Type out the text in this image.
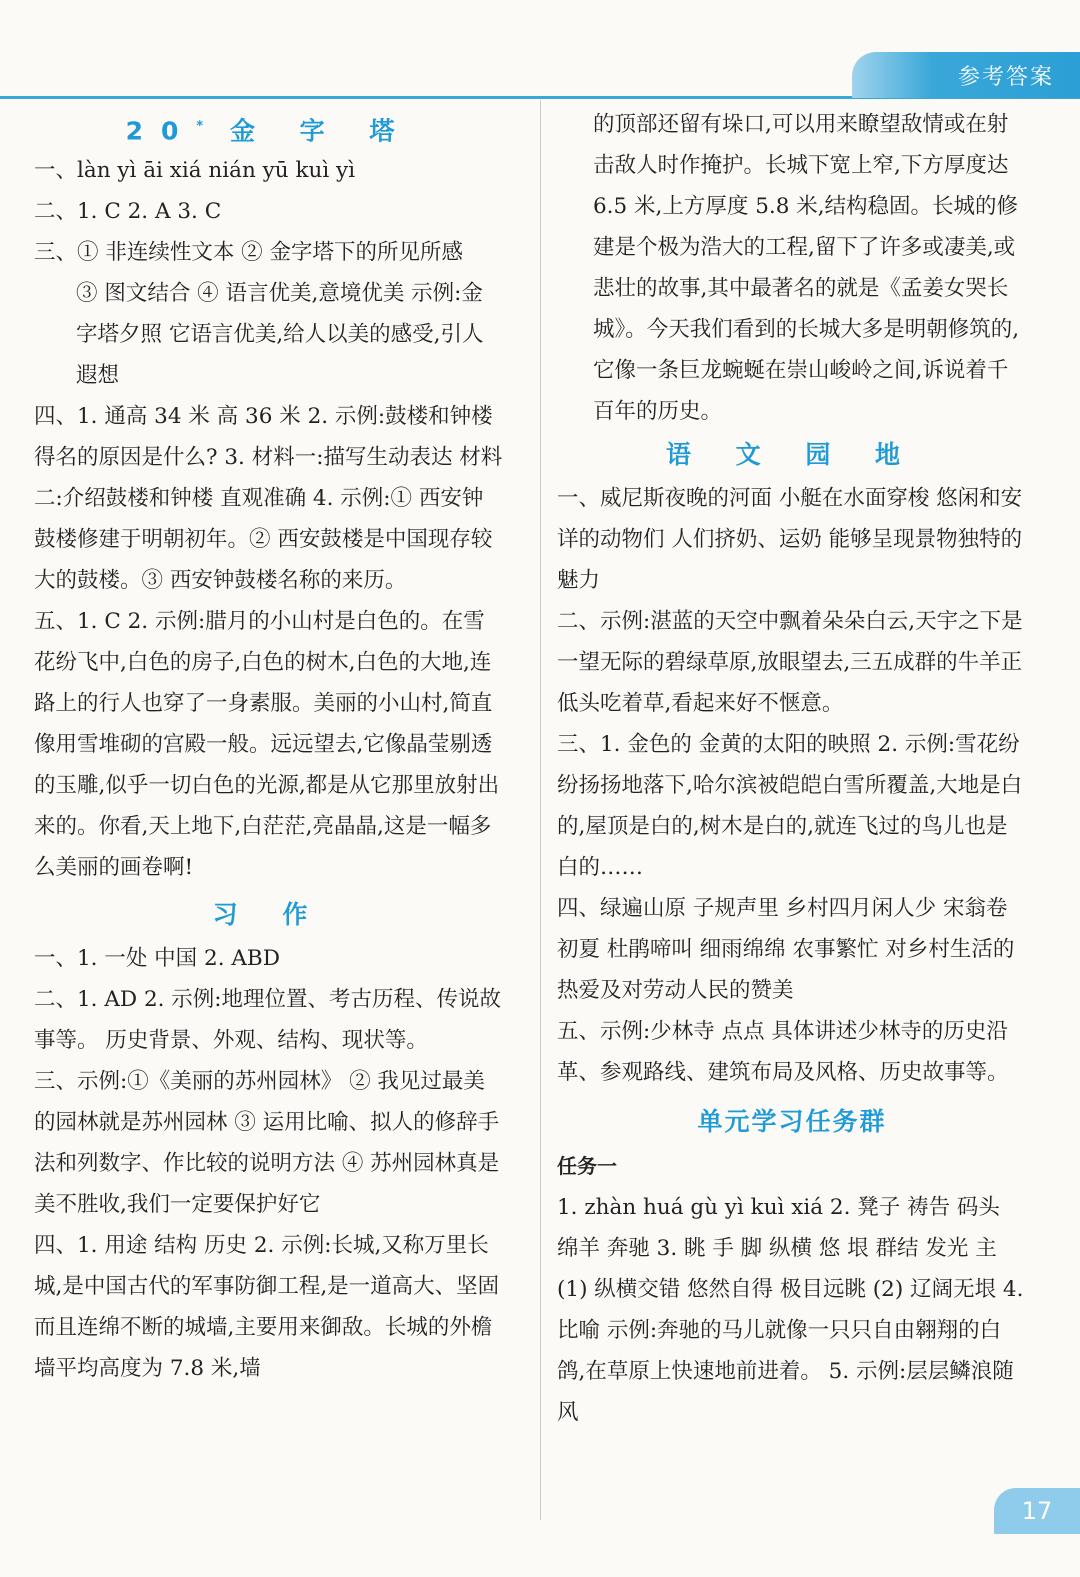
参考答案
20* 金 字 塔
一、làn yì āi xiá nián yū kuì yì
二、1. C 2. A 3. C
三、① 非连续性文本 ② 金字塔下的所见所感
③ 图文结合 ④ 语言优美,意境优美 示例:金字塔夕照 它语言优美,给人以美的感受,引人遐想
四、1. 通高 34 米 高 36 米 2. 示例:鼓楼和钟楼得名的原因是什么? 3. 材料一:描写生动表达 材料二:介绍鼓楼和钟楼 直观准确 4. 示例:① 西安钟鼓楼修建于明朝初年。② 西安鼓楼是中国现存较大的鼓楼。③ 西安钟鼓楼名称的来历。
五、1. C 2. 示例:腊月的小山村是白色的。在雪花纷飞中,白色的房子,白色的树木,白色的大地,连路上的行人也穿了一身素服。美丽的小山村,简直像用雪堆砌的宫殿一般。远远望去,它像晶莹剔透的玉雕,似乎一切白色的光源,都是从它那里放射出来的。你看,天上地下,白茫茫,亮晶晶,这是一幅多么美丽的画卷啊!
习 作
一、1. 一处 中国 2. ABD
二、1. AD 2. 示例:地理位置、考古历程、传说故事等。 历史背景、外观、结构、现状等。
三、示例:①《美丽的苏州园林》 ② 我见过最美的园林就是苏州园林 ③ 运用比喻、拟人的修辞手法和列数字、作比较的说明方法 ④ 苏州园林真是美不胜收,我们一定要保护好它
四、1. 用途 结构 历史 2. 示例:长城,又称万里长城,是中国古代的军事防御工程,是一道高大、坚固而且连绵不断的城墙,主要用来御敌。长城的外檐墙平均高度为 7.8 米,墙
的顶部还留有垛口,可以用来瞭望敌情或在射击敌人时作掩护。长城下宽上窄,下方厚度达 6.5 米,上方厚度 5.8 米,结构稳固。长城的修建是个极为浩大的工程,留下了许多或凄美,或悲壮的故事,其中最著名的就是《孟姜女哭长城》。今天我们看到的长城大多是明朝修筑的,它像一条巨龙蜿蜒在崇山峻岭之间,诉说着千百年的历史。
语 文 园 地
一、威尼斯夜晚的河面 小艇在水面穿梭 悠闲和安详的动物们 人们挤奶、运奶 能够呈现景物独特的魅力
二、示例:湛蓝的天空中飘着朵朵白云,天宇之下是一望无际的碧绿草原,放眼望去,三五成群的牛羊正低头吃着草,看起来好不惬意。
三、1. 金色的 金黄的太阳的映照 2. 示例:雪花纷纷扬扬地落下,哈尔滨被皑皑白雪所覆盖,大地是白的,屋顶是白的,树木是白的,就连飞过的鸟儿也是白的……
四、绿遍山原 子规声里 乡村四月闲人少 宋翁卷 初夏 杜鹃啼叫 细雨绵绵 农事繁忙 对乡村生活的热爱及对劳动人民的赞美
五、示例:少林寺 点点 具体讲述少林寺的历史沿革、参观路线、建筑布局及风格、历史故事等。
单元学习任务群
任务一
1. zhàn huá gù yì kuì xiá 2. 凳子 祷告 码头 绵羊 奔驰 3. 眺 手 脚 纵横 悠 垠 群结 发光 主 (1) 纵横交错 悠然自得 极目远眺 (2) 辽阔无垠 4. 比喻 示例:奔驰的马儿就像一只只自由翱翔的白鸽,在草原上快速地前进着。 5. 示例:层层鳞浪随风
17
